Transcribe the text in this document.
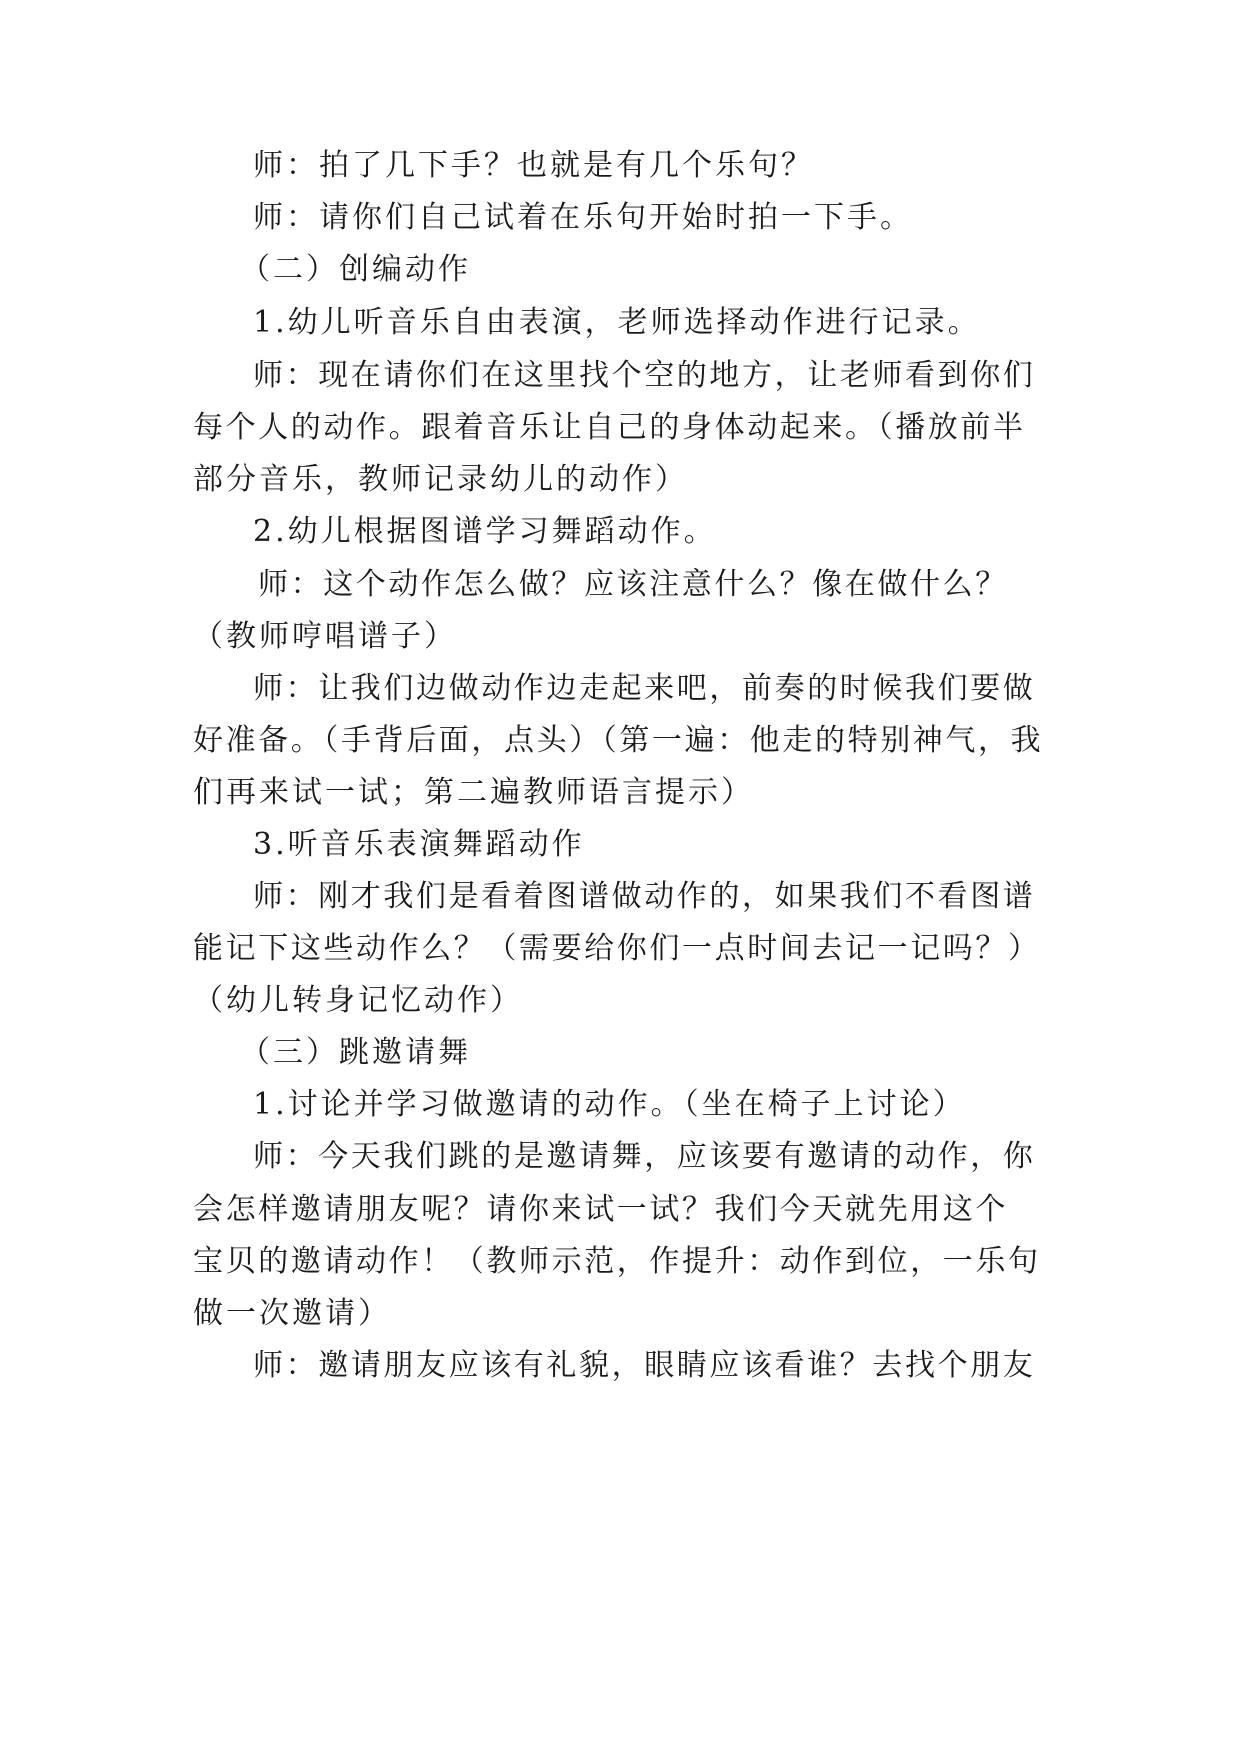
师：拍了几下手？也就是有几个乐句？
师：请你们自己试着在乐句开始时拍一下手。
（二）创编动作
1.幼儿听音乐自由表演，老师选择动作进行记录。
师：现在请你们在这里找个空的地方，让老师看到你们
每个人的动作。跟着音乐让自己的身体动起来。（播放前半
部分音乐，教师记录幼儿的动作）
2.幼儿根据图谱学习舞蹈动作。
师：这个动作怎么做？应该注意什么？像在做什么？
（教师哼唱谱子）
师：让我们边做动作边走起来吧，前奏的时候我们要做
好准备。（手背后面，点头）（第一遍：他走的特别神气，我
们再来试一试；第二遍教师语言提示）
3.听音乐表演舞蹈动作
师：刚才我们是看着图谱做动作的，如果我们不看图谱
能记下这些动作么？（需要给你们一点时间去记一记吗？）
（幼儿转身记忆动作）
（三）跳邀请舞
1.讨论并学习做邀请的动作。（坐在椅子上讨论）
师：今天我们跳的是邀请舞，应该要有邀请的动作，你
会怎样邀请朋友呢？请你来试一试？我们今天就先用这个
宝贝的邀请动作！（教师示范，作提升：动作到位，一乐句
做一次邀请）
师：邀请朋友应该有礼貌，眼睛应该看谁？去找个朋友
